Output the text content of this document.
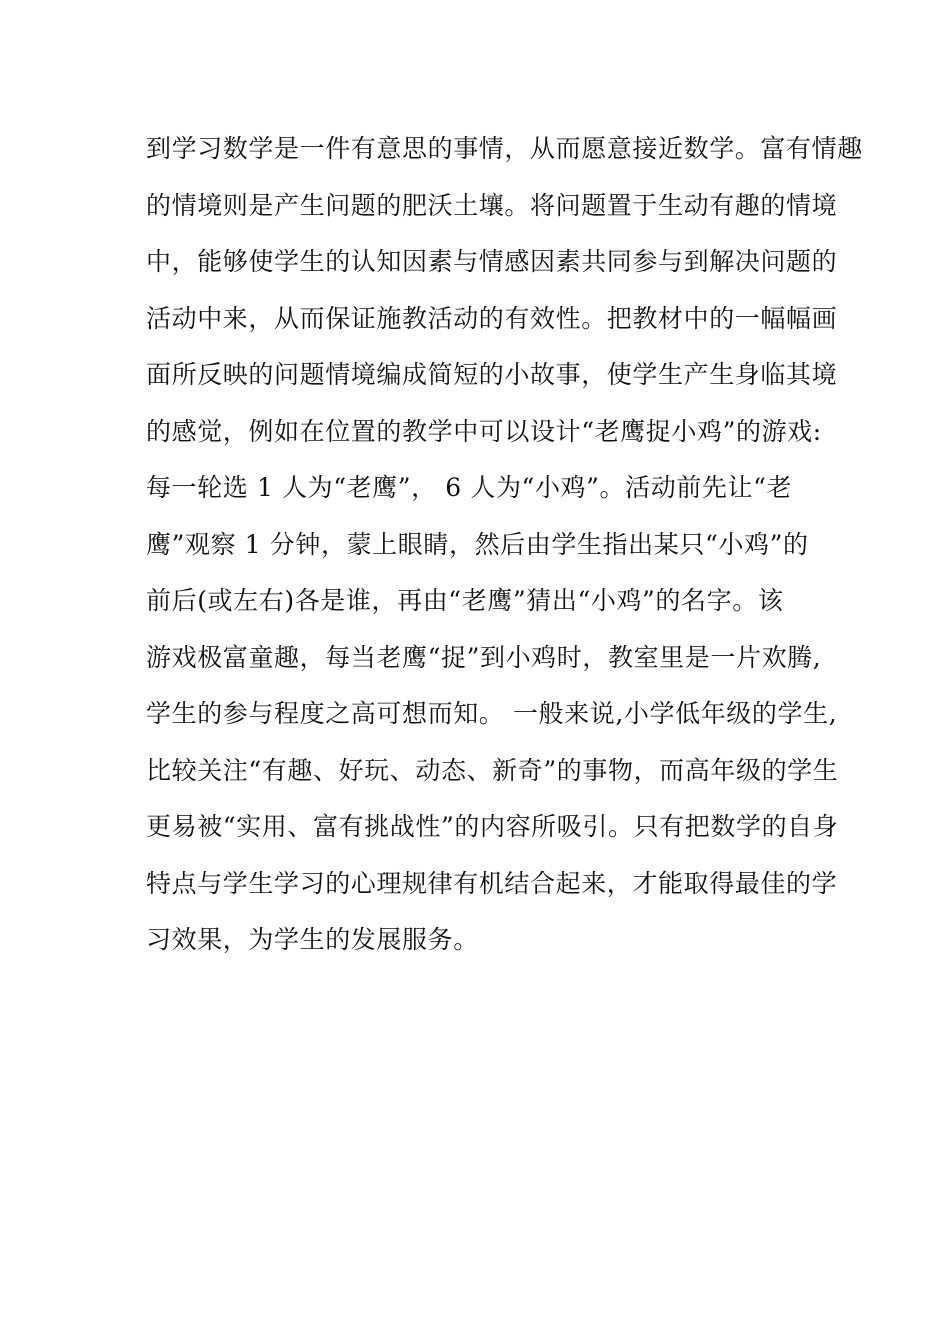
到学习数学是一件有意思的事情，从而愿意接近数学。富有情趣
的情境则是产生问题的肥沃土壤。将问题置于生动有趣的情境
中，能够使学生的认知因素与情感因素共同参与到解决问题的
活动中来，从而保证施教活动的有效性。把教材中的一幅幅画
面所反映的问题情境编成简短的小故事，使学生产生身临其境
的感觉，例如在位置的教学中可以设计“老鹰捉小鸡”的游戏:
每一轮选 1 人为“老鹰”， 6 人为“小鸡”。活动前先让“老
鹰”观察 1 分钟，蒙上眼睛，然后由学生指出某只“小鸡”的
前后(或左右)各是谁，再由“老鹰”猜出“小鸡”的名字。该
游戏极富童趣，每当老鹰“捉”到小鸡时，教室里是一片欢腾,
学生的参与程度之高可想而知。 一般来说,小学低年级的学生,
比较关注“有趣、好玩、动态、新奇”的事物，而高年级的学生
更易被“实用、富有挑战性”的内容所吸引。只有把数学的自身
特点与学生学习的心理规律有机结合起来，才能取得最佳的学
习效果，为学生的发展服务。
